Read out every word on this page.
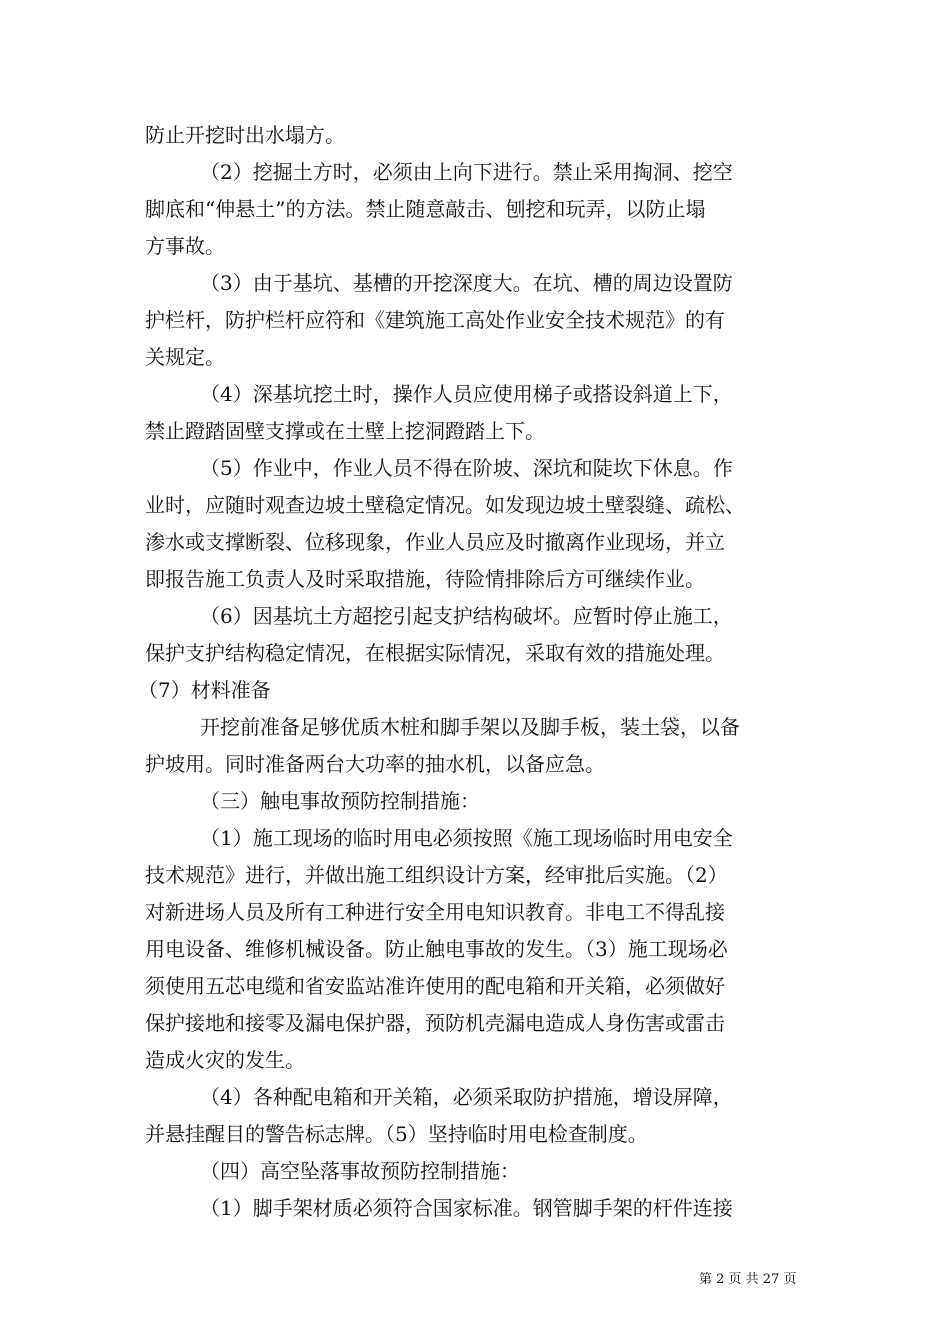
防止开挖时出水塌方。
（2）挖掘土方时，必须由上向下进行。禁止采用掏洞、挖空
脚底和“伸悬土”的方法。禁止随意敲击、刨挖和玩弄，以防止塌
方事故。
（3）由于基坑、基槽的开挖深度大。在坑、槽的周边设置防
护栏杆，防护栏杆应符和《建筑施工高处作业安全技术规范》的有
关规定。
（4）深基坑挖土时，操作人员应使用梯子或搭设斜道上下，
禁止蹬踏固壁支撑或在土壁上挖洞蹬踏上下。
（5）作业中，作业人员不得在阶坡、深坑和陡坎下休息。作
业时，应随时观查边坡土壁稳定情况。如发现边坡土壁裂缝、疏松、
渗水或支撑断裂、位移现象，作业人员应及时撤离作业现场，并立
即报告施工负责人及时采取措施，待险情排除后方可继续作业。
（6）因基坑土方超挖引起支护结构破坏。应暂时停止施工，
保护支护结构稳定情况，在根据实际情况，采取有效的措施处理。
（7）材料准备
开挖前准备足够优质木桩和脚手架以及脚手板，装土袋，以备
护坡用。同时准备两台大功率的抽水机，以备应急。
（三）触电事故预防控制措施：
（1）施工现场的临时用电必须按照《施工现场临时用电安全
技术规范》进行，并做出施工组织设计方案，经审批后实施。（2）
对新进场人员及所有工种进行安全用电知识教育。非电工不得乱接
用电设备、维修机械设备。防止触电事故的发生。（3）施工现场必
须使用五芯电缆和省安监站准许使用的配电箱和开关箱，必须做好
保护接地和接零及漏电保护器，预防机壳漏电造成人身伤害或雷击
造成火灾的发生。
（4）各种配电箱和开关箱，必须采取防护措施，增设屏障，
并悬挂醒目的警告标志牌。（5）坚持临时用电检查制度。
（四）高空坠落事故预防控制措施：
（1）脚手架材质必须符合国家标准。钢管脚手架的杆件连接
第 2 页 共 27 页
